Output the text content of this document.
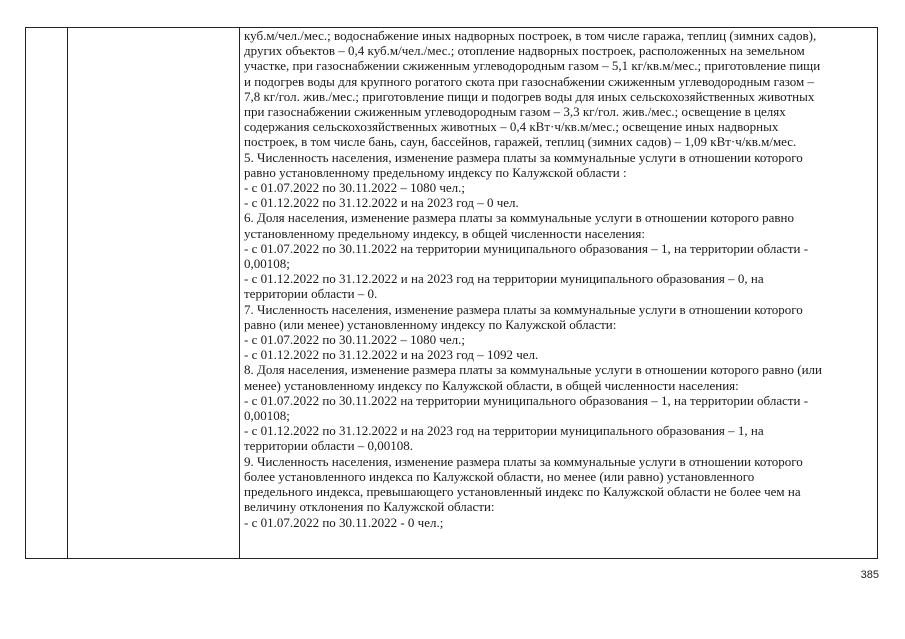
куб.м/чел./мес.; водоснабжение иных надворных построек, в том числе гаража, теплиц (зимних садов),

других объектов – 0,4 куб.м/чел./мес.; отопление надворных построек, расположенных на земельном

участке, при газоснабжении сжиженным углеводородным газом – 5,1 кг/кв.м/мес.; приготовление пищи

и подогрев воды для крупного рогатого скота при газоснабжении сжиженным углеводородным газом –

7,8 кг/гол. жив./мес.; приготовление пищи и подогрев воды для иных сельскохозяйственных животных

при газоснабжении сжиженным углеводородным газом – 3,3 кг/гол. жив./мес.; освещение в целях

содержания сельскохозяйственных животных – 0,4 кВт·ч/кв.м/мес.; освещение иных надворных

построек, в том числе бань, саун, бассейнов, гаражей, теплиц (зимних садов) – 1,09 кВт·ч/кв.м/мес.

5. Численность населения, изменение размера платы за коммунальные услуги в отношении которого

равно установленному предельному индексу по Калужской области :

- с 01.07.2022 по 30.11.2022 – 1080 чел.;

- с 01.12.2022 по 31.12.2022 и на 2023 год – 0 чел.

6. Доля населения, изменение размера платы за коммунальные услуги в отношении которого равно

установленному предельному индексу, в общей численности населения:

- с 01.07.2022 по 30.11.2022 на территории муниципального образования – 1, на территории области -

0,00108;

- с 01.12.2022 по 31.12.2022 и на 2023 год на территории муниципального образования – 0, на

территории области – 0.

7. Численность населения, изменение размера платы за коммунальные услуги в отношении которого

равно (или менее) установленному индексу по Калужской области:

- с 01.07.2022 по 30.11.2022 – 1080 чел.;

- с 01.12.2022 по 31.12.2022 и на 2023 год – 1092 чел.

8. Доля населения, изменение размера платы за коммунальные услуги в отношении которого равно (или

менее) установленному индексу по Калужской области, в общей численности населения:

- с 01.07.2022 по 30.11.2022 на территории муниципального образования – 1, на территории области -

0,00108;

- с 01.12.2022 по 31.12.2022 и на 2023 год на территории муниципального образования – 1, на

территории области – 0,00108.

9. Численность населения, изменение размера платы за коммунальные услуги в отношении которого

более установленного индекса по Калужской области, но менее (или равно) установленного

предельного индекса, превышающего установленный индекс по Калужской области не более чем на

величину отклонения по Калужской области:

- с 01.07.2022 по 30.11.2022 - 0 чел.;

385
